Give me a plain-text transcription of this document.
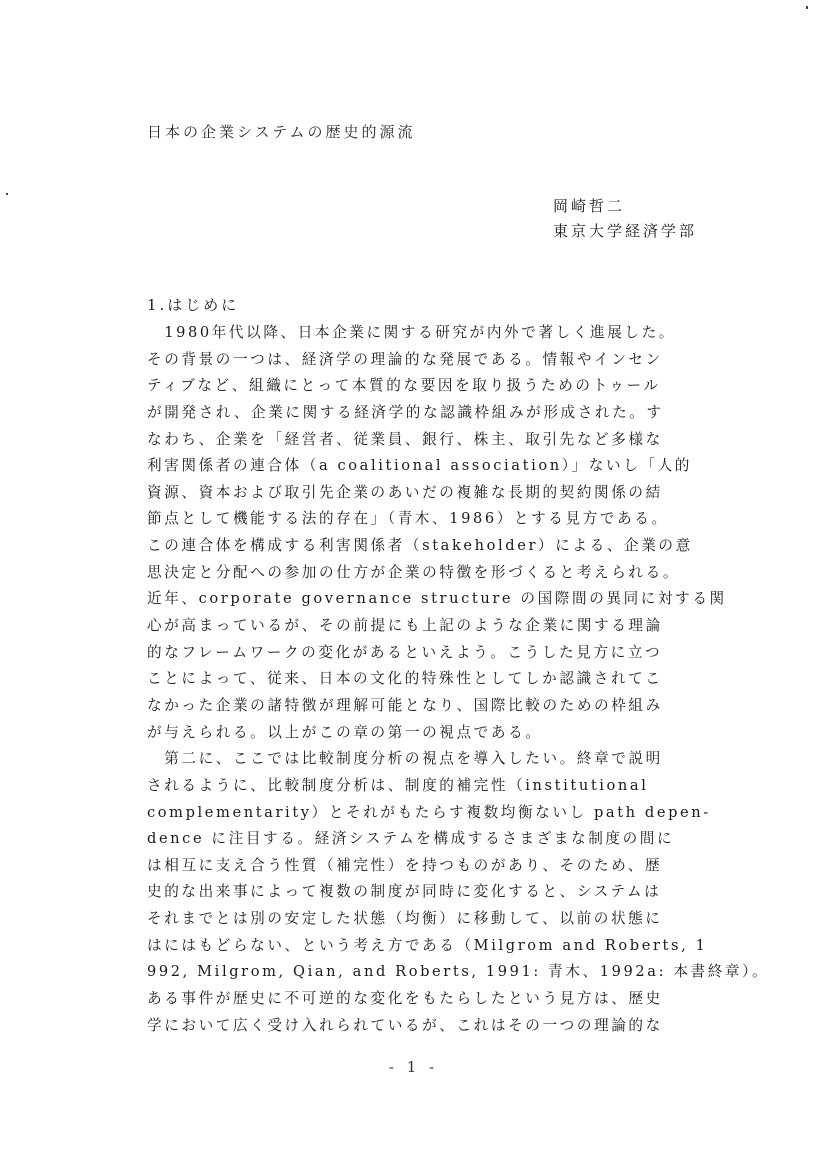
日本の企業システムの歴史的源流
岡崎哲二
東京大学経済学部
1.はじめに
　1980年代以降、日本企業に関する研究が内外で著しく進展した。
その背景の一つは、経済学の理論的な発展である。情報やインセン
ティブなど、組織にとって本質的な要因を取り扱うためのトゥール
が開発され、企業に関する経済学的な認識枠組みが形成された。す
なわち、企業を「経営者、従業員、銀行、株主、取引先など多様な
利害関係者の連合体（a coalitional association）」ないし「人的
資源、資本および取引先企業のあいだの複雑な長期的契約関係の結
節点として機能する法的存在」（青木、1986）とする見方である。
この連合体を構成する利害関係者（stakeholder）による、企業の意
思決定と分配への参加の仕方が企業の特徴を形づくると考えられる。
近年、corporate governance structure の国際間の異同に対する関
心が高まっているが、その前提にも上記のような企業に関する理論
的なフレームワークの変化があるといえよう。こうした見方に立つ
ことによって、従来、日本の文化的特殊性としてしか認識されてこ
なかった企業の諸特徴が理解可能となり、国際比較のための枠組み
が与えられる。以上がこの章の第一の視点である。
　第二に、ここでは比較制度分析の視点を導入したい。終章で説明
されるように、比較制度分析は、制度的補完性（institutional
complementarity）とそれがもたらす複数均衡ないし path depen-
dence に注目する。経済システムを構成するさまざまな制度の間に
は相互に支え合う性質（補完性）を持つものがあり、そのため、歴
史的な出来事によって複数の制度が同時に変化すると、システムは
それまでとは別の安定した状態（均衡）に移動して、以前の状態に
はにはもどらない、という考え方である（Milgrom and Roberts, 1
992, Milgrom, Qian, and Roberts, 1991: 青木、1992a: 本書終章）。
ある事件が歴史に不可逆的な変化をもたらしたという見方は、歴史
学において広く受け入れられているが、これはその一つの理論的な
- 1 -
